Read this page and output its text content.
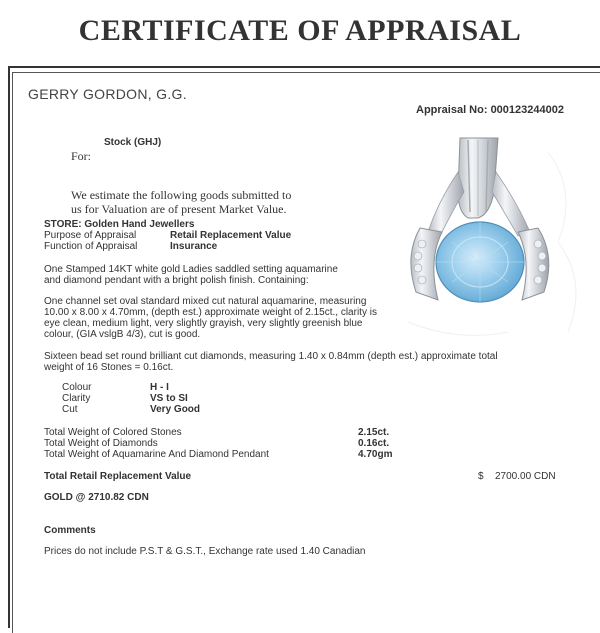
CERTIFICATE OF APPRAISAL
GERRY GORDON, G.G.
Appraisal No: 000123244002
Stock (GHJ)
For:
We estimate the following goods submitted to
us for Valuation are of present Market Value.
STORE: Golden Hand Jewellers
Purpose of Appraisal	Retail Replacement Value
Function of Appraisal	Insurance
One Stamped 14KT white gold Ladies saddled setting aquamarine and diamond pendant with a bright polish finish. Containing:
One channel set oval standard mixed cut natural aquamarine, measuring 10.00 x 8.00 x 4.70mm, (depth est.) approximate weight of 2.15ct., clarity is eye clean, medium light, very slightly grayish, very slightly greenish blue colour, (GIA vslgB 4/3), cut is good.
Sixteen bead set round brilliant cut diamonds, measuring 1.40 x 0.84mm (depth est.) approximate total weight of 16 Stones = 0.16ct.
Colour	H - I
Clarity	VS to SI
Cut	Very Good
Total Weight of Colored Stones	2.15ct.
Total Weight of Diamonds	0.16ct.
Total Weight of Aquamarine And Diamond Pendant	4.70gm
Total Retail Replacement Value	$ 2700.00 CDN
GOLD @ 2710.82 CDN
Comments
Prices do not include P.S.T & G.S.T., Exchange rate used 1.40 Canadian
